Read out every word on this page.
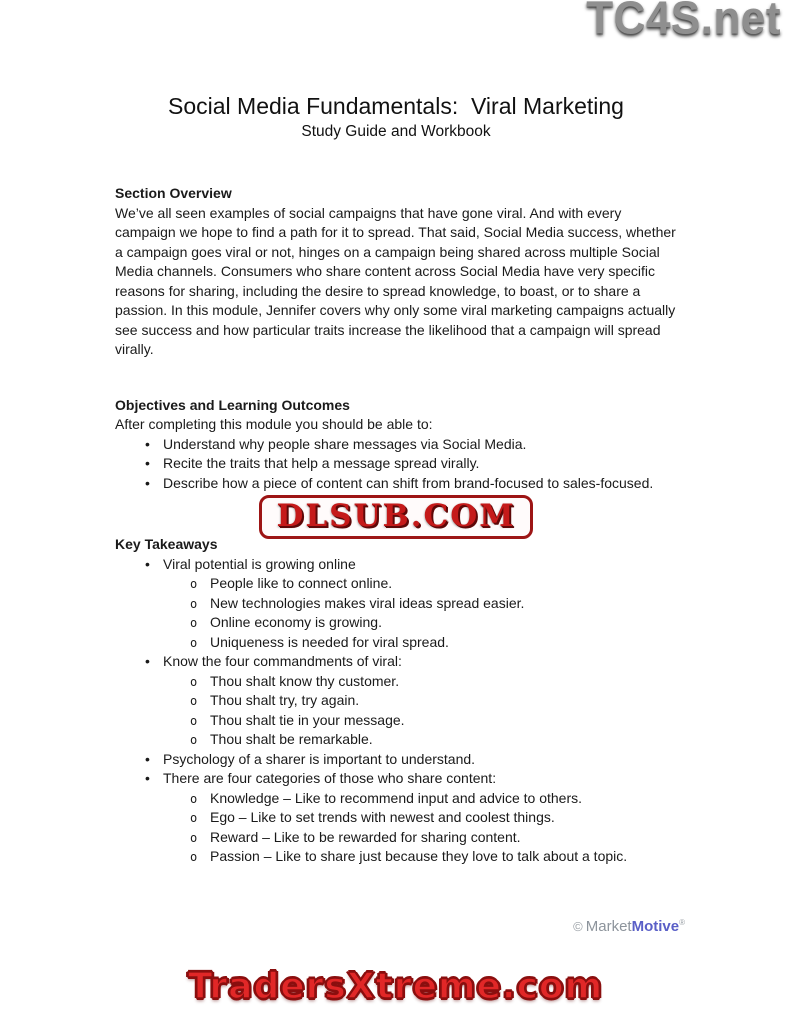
TC4S.net
Social Media Fundamentals:  Viral Marketing
Study Guide and Workbook
Section Overview
We’ve all seen examples of social campaigns that have gone viral. And with every campaign we hope to find a path for it to spread. That said, Social Media success, whether a campaign goes viral or not, hinges on a campaign being shared across multiple Social Media channels. Consumers who share content across Social Media have very specific reasons for sharing, including the desire to spread knowledge, to boast, or to share a passion. In this module, Jennifer covers why only some viral marketing campaigns actually see success and how particular traits increase the likelihood that a campaign will spread virally.
Objectives and Learning Outcomes
After completing this module you should be able to:
• Understand why people share messages via Social Media.
• Recite the traits that help a message spread virally.
• Describe how a piece of content can shift from brand-focused to sales-focused.
DLSUB.COM
Key Takeaways
• Viral potential is growing online
o People like to connect online.
o New technologies makes viral ideas spread easier.
o Online economy is growing.
o Uniqueness is needed for viral spread.
• Know the four commandments of viral:
o Thou shalt know thy customer.
o Thou shalt try, try again.
o Thou shalt tie in your message.
o Thou shalt be remarkable.
• Psychology of a sharer is important to understand.
• There are four categories of those who share content:
o Knowledge – Like to recommend input and advice to others.
o Ego – Like to set trends with newest and coolest things.
o Reward – Like to be rewarded for sharing content.
o Passion – Like to share just because they love to talk about a topic.
© MarketMotive®
TradersXtreme.com
